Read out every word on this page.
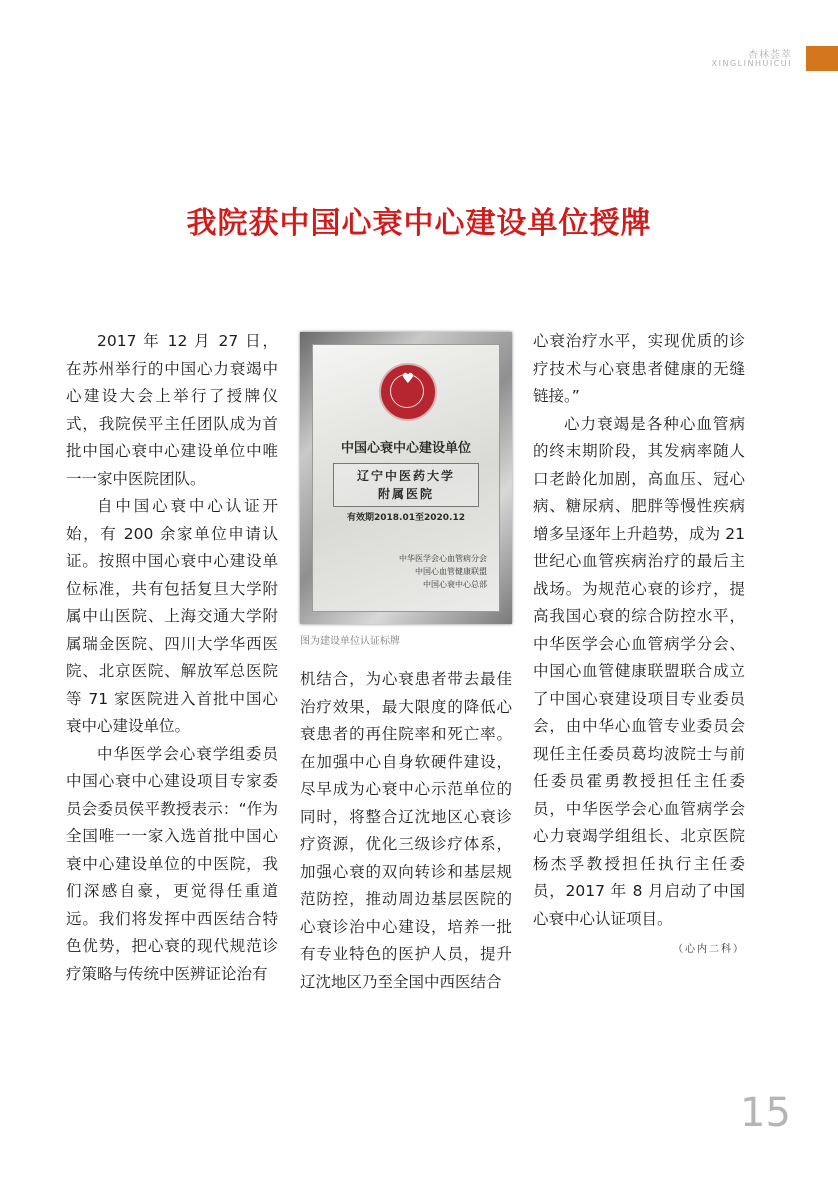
杏林荟萃
XINGLINHUICUI
我院获中国心衰中心建设单位授牌

2017 年 12 月 27 日，在苏州举行的中国心力衰竭中心建设大会上举行了授牌仪式，我院侯平主任团队成为首批中国心衰中心建设单位中唯一一家中医院团队。

自中国心衰中心认证开始，有 200 余家单位申请认证。按照中国心衰中心建设单位标准，共有包括复旦大学附属中山医院、上海交通大学附属瑞金医院、四川大学华西医院、北京医院、解放军总医院等 71 家医院进入首批中国心衰中心建设单位。

中华医学会心衰学组委员中国心衰中心建设项目专家委员会委员侯平教授表示：“作为全国唯一一家入选首批中国心衰中心建设单位的中医院，我们深感自豪，更觉得任重道远。我们将发挥中西医结合特色优势，把心衰的现代规范诊疗策略与传统中医辨证论治有

♥
中国心衰中心建设单位
辽宁中医药大学
附属医院
有效期2018.01至2020.12
中华医学会心血管病分会
中国心血管健康联盟
中国心衰中心总部
图为建设单位认证标牌

机结合，为心衰患者带去最佳治疗效果，最大限度的降低心衰患者的再住院率和死亡率。在加强中心自身软硬件建设，尽早成为心衰中心示范单位的同时，将整合辽沈地区心衰诊疗资源，优化三级诊疗体系，加强心衰的双向转诊和基层规范防控，推动周边基层医院的心衰诊治中心建设，培养一批有专业特色的医护人员，提升辽沈地区乃至全国中西医结合

心衰治疗水平，实现优质的诊疗技术与心衰患者健康的无缝链接。”

心力衰竭是各种心血管病的终末期阶段，其发病率随人口老龄化加剧，高血压、冠心病、糖尿病、肥胖等慢性疾病增多呈逐年上升趋势，成为 21 世纪心血管疾病治疗的最后主战场。为规范心衰的诊疗，提高我国心衰的综合防控水平，中华医学会心血管病学分会、中国心血管健康联盟联合成立了中国心衰建设项目专业委员会，由中华心血管专业委员会现任主任委员葛均波院士与前任委员霍勇教授担任主任委员，中华医学会心血管病学会心力衰竭学组组长、北京医院杨杰孚教授担任执行主任委员，2017 年 8 月启动了中国心衰中心认证项目。

（心内二科）
15
